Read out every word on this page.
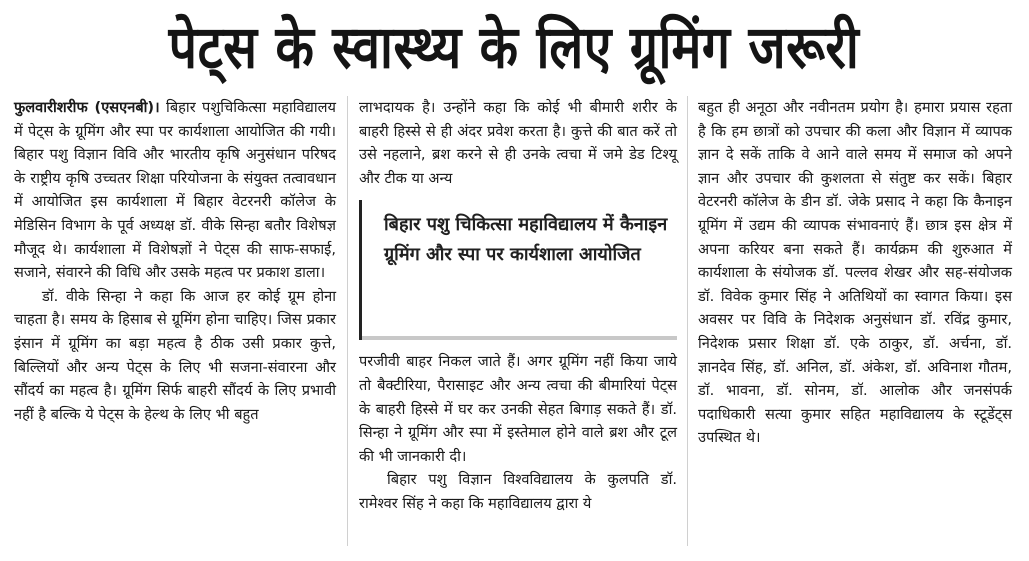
पेट्स के स्वास्थ्य के लिए ग्रूमिंग जरूरी

फुलवारीशरीफ (एसएनबी)। बिहार पशुचिकित्सा महाविद्यालय में पेट्स के ग्रूमिंग और स्पा पर कार्यशाला आयोजित की गयी। बिहार पशु विज्ञान विवि और भारतीय कृषि अनुसंधान परिषद के राष्ट्रीय कृषि उच्चतर शिक्षा परियोजना के संयुक्त तत्वावधान में आयोजित इस कार्यशाला में बिहार वेटरनरी कॉलेज के मेडिसिन विभाग के पूर्व अध्यक्ष डॉ. वीके सिन्हा बतौर विशेषज्ञ मौजूद थे। कार्यशाला में विशेषज्ञों ने पेट्स की साफ-सफाई, सजाने, संवारने की विधि और उसके महत्व पर प्रकाश डाला।

डॉ. वीके सिन्हा ने कहा कि आज हर कोई ग्रूम होना चाहता है। समय के हिसाब से ग्रूमिंग होना चाहिए। जिस प्रकार इंसान में ग्रूमिंग का बड़ा महत्व है ठीक उसी प्रकार कुत्ते, बिल्लियों और अन्य पेट्स के लिए भी सजना-संवारना और सौंदर्य का महत्व है। ग्रूमिंग सिर्फ बाहरी सौंदर्य के लिए प्रभावी नहीं है बल्कि ये पेट्स के हेल्थ के लिए भी बहुत

लाभदायक है। उन्होंने कहा कि कोई भी बीमारी शरीर के बाहरी हिस्से से ही अंदर प्रवेश करता है। कुत्ते की बात करें तो उसे नहलाने, ब्रश करने से ही उनके त्वचा में जमे डेड टिश्यू और टीक या अन्य

बिहार पशु चिकित्सा महाविद्यालय में कैनाइन ग्रूमिंग और स्पा पर कार्यशाला आयोजित

परजीवी बाहर निकल जाते हैं। अगर ग्रूमिंग नहीं किया जाये तो बैक्टीरिया, पैरासाइट और अन्य त्वचा की बीमारियां पेट्स के बाहरी हिस्से में घर कर उनकी सेहत बिगाड़ सकते हैं। डॉ. सिन्हा ने ग्रूमिंग और स्पा में इस्तेमाल होने वाले ब्रश और टूल की भी जानकारी दी।

बिहार पशु विज्ञान विश्वविद्यालय के कुलपति डॉ. रामेश्वर सिंह ने कहा कि महाविद्यालय द्वारा ये

बहुत ही अनूठा और नवीनतम प्रयोग है। हमारा प्रयास रहता है कि हम छात्रों को उपचार की कला और विज्ञान में व्यापक ज्ञान दे सकें ताकि वे आने वाले समय में समाज को अपने ज्ञान और उपचार की कुशलता से संतुष्ट कर सकें। बिहार वेटरनरी कॉलेज के डीन डॉ. जेके प्रसाद ने कहा कि कैनाइन ग्रूमिंग में उद्यम की व्यापक संभावनाएं हैं। छात्र इस क्षेत्र में अपना करियर बना सकते हैं। कार्यक्रम की शुरुआत में कार्यशाला के संयोजक डॉ. पल्लव शेखर और सह-संयोजक डॉ. विवेक कुमार सिंह ने अतिथियों का स्वागत किया। इस अवसर पर विवि के निदेशक अनुसंधान डॉ. रविंद्र कुमार, निदेशक प्रसार शिक्षा डॉ. एके ठाकुर, डॉ. अर्चना, डॉ. ज्ञानदेव सिंह, डॉ. अनिल, डॉ. अंकेश, डॉ. अविनाश गौतम, डॉ. भावना, डॉ. सोनम, डॉ. आलोक और जनसंपर्क पदाधिकारी सत्या कुमार सहित महाविद्यालय के स्टूडेंट्स उपस्थित थे।
